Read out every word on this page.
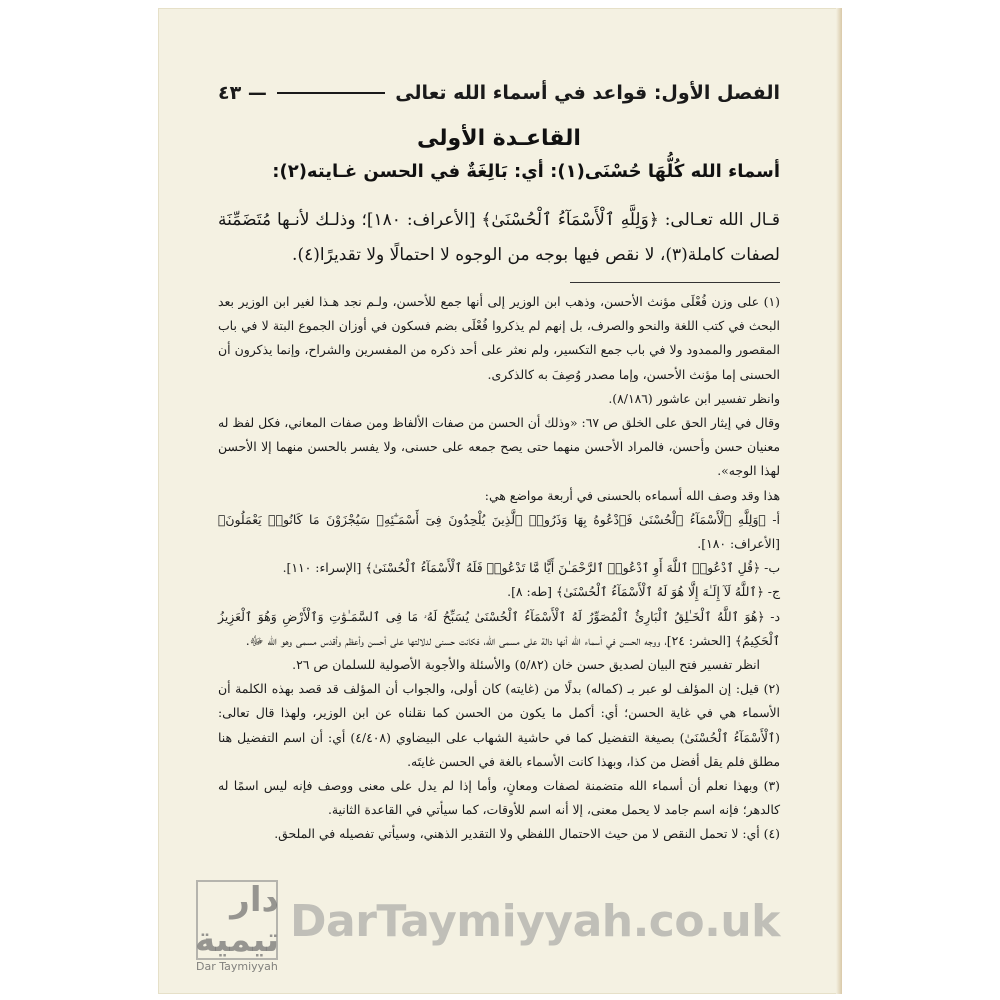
الفصل الأول: قواعد في أسماء الله تعالى
— ٤٣
القاعـدة الأولى
أسماء الله كُلُّهَا حُسْنَى(١): أي: بَالِغَةٌ في الحسن غـايته(٢):
قـال الله تعـالى: ﴿وَلِلَّهِ ٱلْأَسْمَآءُ ٱلْحُسْنَىٰ﴾ [الأعراف: ١٨٠]؛ وذلـك لأنـها مُتَضَمِّنَة لصفات كاملة(٣)، لا نقص فيها بوجه من الوجوه لا احتمالًا ولا تقديرًا(٤).

(١) على وزن فُعْلَى مؤنث الأحسن، وذهب ابن الوزير إلى أنها جمع للأحسن، ولـم نجد هـذا لغير ابن الوزير بعد البحث في كتب اللغة والنحو والصرف، بل إنهم لم يذكروا فُعْلَى بضم فسكون في أوزان الجموع البتة لا في باب المقصور والممدود ولا في باب جمع التكسير، ولم نعثر على أحد ذكره من المفسرين والشراح، وإنما يذكرون أن الحسنى إما مؤنث الأحسن، وإما مصدر وُصِفَ به كالذكرى.

وانظر تفسير ابن عاشور (٨/١٨٦).

وقال في إيثار الحق على الخلق ص ٦٧: «وذلك أن الحسن من صفات الألفاظ ومن صفات المعاني، فكل لفظ له معنيان حسن وأحسن، فالمراد الأحسن منهما حتى يصح جمعه على حسنى، ولا يفسر بالحسن منهما إلا الأحسن لهذا الوجه».

هذا وقد وصف الله أسماءه بالحسنى في أربعة مواضع هي:

أ- ﴿وَلِلَّهِ ٱلْأَسْمَآءُ ٱلْحُسْنَىٰ فَٱدْعُوهُ بِهَا وَذَرُوا۟ ٱلَّذِينَ يُلْحِدُونَ فِىٓ أَسْمَـٰٓئِهِۦ سَيُجْزَوْنَ مَا كَانُوا۟ يَعْمَلُونَ﴾ [الأعراف: ١٨٠].

ب- ﴿قُلِ ٱدْعُوا۟ ٱللَّهَ أَوِ ٱدْعُوا۟ ٱلرَّحْمَـٰنَ أَيًّا مَّا تَدْعُوا۟ فَلَهُ ٱلْأَسْمَآءُ ٱلْحُسْنَىٰ﴾ [الإسراء: ١١٠].

ج- ﴿ٱللَّهُ لَآ إِلَـٰهَ إِلَّا هُوَ لَهُ ٱلْأَسْمَآءُ ٱلْحُسْنَىٰ﴾ [طه: ٨].

د- ﴿هُوَ ٱللَّهُ ٱلْخَـٰلِقُ ٱلْبَارِئُ ٱلْمُصَوِّرُ لَهُ ٱلْأَسْمَآءُ ٱلْحُسْنَىٰ يُسَبِّحُ لَهُۥ مَا فِى ٱلسَّمَـٰوَٰتِ وَٱلْأَرْضِ وَهُوَ ٱلْعَزِيزُ ٱلْحَكِيمُ﴾ [الحشر: ٢٤]، ووجه الحسن في أسماء الله أنها دالة على مسمى الله، فكانت حسنى لدلالتها على أحسن وأعظم وأقدس مسمى وهو الله ﷻ.

انظر تفسير فتح البيان لصديق حسن خان (٥/٨٢) والأسئلة والأجوبة الأصولية للسلمان ص ٢٦.

(٢) قيل: إن المؤلف لو عبر بـ (كماله) بدلًا من (غايته) كان أولى، والجواب أن المؤلف قد قصد بهذه الكلمة أن الأسماء هي في غاية الحسن؛ أي: أكمل ما يكون من الحسن كما نقلناه عن ابن الوزير، ولهذا قال تعالى: (ٱلْأَسْمَآءُ ٱلْحُسْنَىٰ) بصيغة التفضيل كما في حاشية الشهاب على البيضاوي (٤/٤٠٨) أي: أن اسم التفضيل هنا مطلق فلم يقل أفضل من كذا، وبهذا كانت الأسماء بالغة في الحسن غايتَه.

(٣) وبهذا نعلم أن أسماء الله متضمنة لصفات ومعانٍ، وأما إذا لم يدل على معنى ووصف فإنه ليس اسمًا له كالدهر؛ فإنه اسم جامد لا يحمل معنى، إلا أنه اسم للأوقات، كما سيأتي في القاعدة الثانية.

(٤) أي: لا تحمل النقص لا من حيث الاحتمال اللفظي ولا التقدير الذهني، وسيأتي تفصيله في الملحق.

دار تيمية
Dar Taymiyyah
DarTaymiyyah.co.uk
